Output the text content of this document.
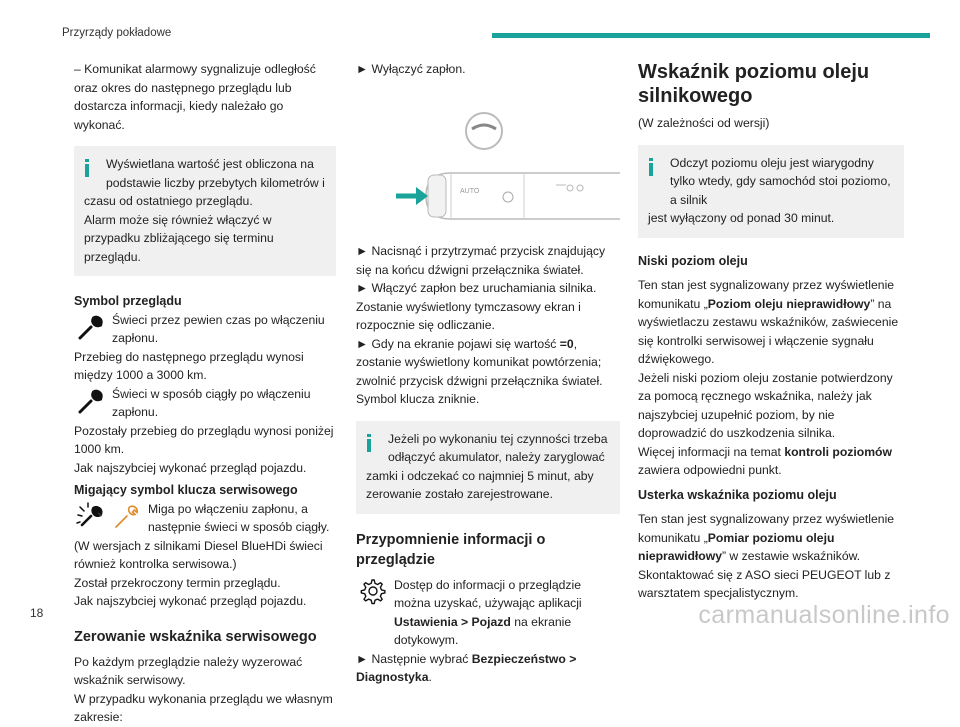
Przyrządy pokładowe

– Komunikat alarmowy sygnalizuje odległość oraz okres do następnego przeglądu lub dostarcza informacji, kiedy należało go wykonać.

Wyświetlana wartość jest obliczona na podstawie liczby przebytych kilometrów i

czasu od ostatniego przeglądu.

Alarm może się również włączyć w przypadku zbliżającego się terminu przeglądu.

Symbol przeglądu

Świeci przez pewien czas po włączeniu zapłonu.

Przebieg do następnego przeglądu wynosi między 1000 a 3000 km.

Świeci w sposób ciągły po włączeniu zapłonu.

Pozostały przebieg do przeglądu wynosi poniżej 1000 km.

Jak najszybciej wykonać przegląd pojazdu.

Migający symbol klucza serwisowego

Miga po włączeniu zapłonu, a następnie świeci w sposób ciągły.

(W wersjach z silnikami Diesel BlueHDi świeci również kontrolka serwisowa.)

Został przekroczony termin przeglądu.

Jak najszybciej wykonać przegląd pojazdu.

Zerowanie wskaźnika serwisowego

Po każdym przeglądzie należy wyzerować wskaźnik serwisowy.

W przypadku wykonania przeglądu we własnym zakresie:

► Wyłączyć zapłon.

AUTO

► Nacisnąć i przytrzymać przycisk znajdujący się na końcu dźwigni przełącznika świateł.

► Włączyć zapłon bez uruchamiania silnika.

Zostanie wyświetlony tymczasowy ekran i rozpocznie się odliczanie.

► Gdy na ekranie pojawi się wartość =0, zostanie wyświetlony komunikat powtórzenia; zwolnić przycisk dźwigni przełącznika świateł. Symbol klucza zniknie.

Jeżeli po wykonaniu tej czynności trzeba odłączyć akumulator, należy zaryglować

zamki i odczekać co najmniej 5 minut, aby zerowanie zostało zarejestrowane.

Przypomnienie informacji o przeglądzie

Dostęp do informacji o przeglądzie można uzyskać, używając aplikacji Ustawienia > Pojazd na ekranie dotykowym.

► Następnie wybrać Bezpieczeństwo > Diagnostyka.

Wskaźnik poziomu oleju silnikowego

(W zależności od wersji)

Odczyt poziomu oleju jest wiarygodny tylko wtedy, gdy samochód stoi poziomo, a silnik

jest wyłączony od ponad 30 minut.

Niski poziom oleju

Ten stan jest sygnalizowany przez wyświetlenie komunikatu „Poziom oleju nieprawidłowy” na wyświetlaczu zestawu wskaźników, zaświecenie się kontrolki serwisowej i włączenie sygnału dźwiękowego.

Jeżeli niski poziom oleju zostanie potwierdzony za pomocą ręcznego wskaźnika, należy jak najszybciej uzupełnić poziom, by nie doprowadzić do uszkodzenia silnika.

Więcej informacji na temat kontroli poziomów zawiera odpowiedni punkt.

Usterka wskaźnika poziomu oleju

Ten stan jest sygnalizowany przez wyświetlenie komunikatu „Pomiar poziomu oleju nieprawidłowy” w zestawie wskaźników.

Skontaktować się z ASO sieci PEUGEOT lub z warsztatem specjalistycznym.

18	carmanualsonline.info
